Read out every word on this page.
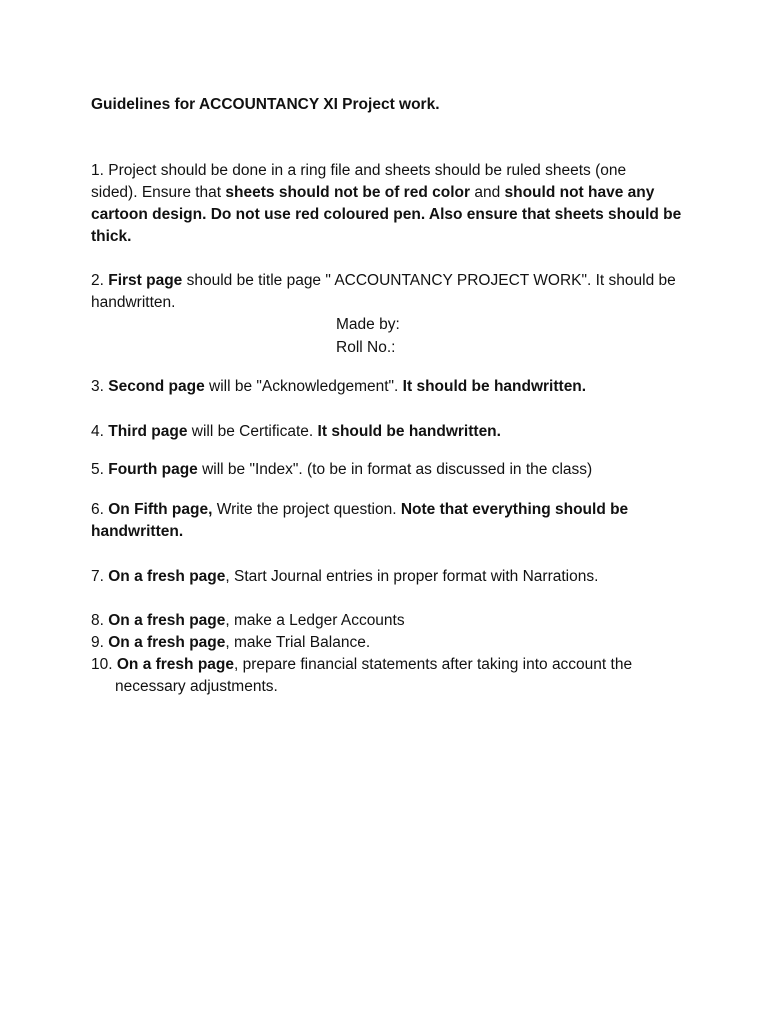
Guidelines for ACCOUNTANCY XI Project work.
1. Project should be done in a ring file and sheets should be ruled sheets (one
sided). Ensure that sheets should not be of red color and should not have any
cartoon design. Do not use red coloured pen. Also ensure that sheets should be
thick.
2. First page should be title page " ACCOUNTANCY PROJECT WORK". It should be
handwritten.
Made by:
Roll No.:
3. Second page will be "Acknowledgement". It should be handwritten.
4. Third page will be Certificate. It should be handwritten.
5. Fourth page will be "Index". (to be in format as discussed in the class)
6. On Fifth page, Write the project question. Note that everything should be
handwritten.
7. On a fresh page, Start Journal entries in proper format with Narrations.
8. On a fresh page, make a Ledger Accounts
9. On a fresh page, make Trial Balance.
10. On a fresh page, prepare financial statements after taking into account the
necessary adjustments.
